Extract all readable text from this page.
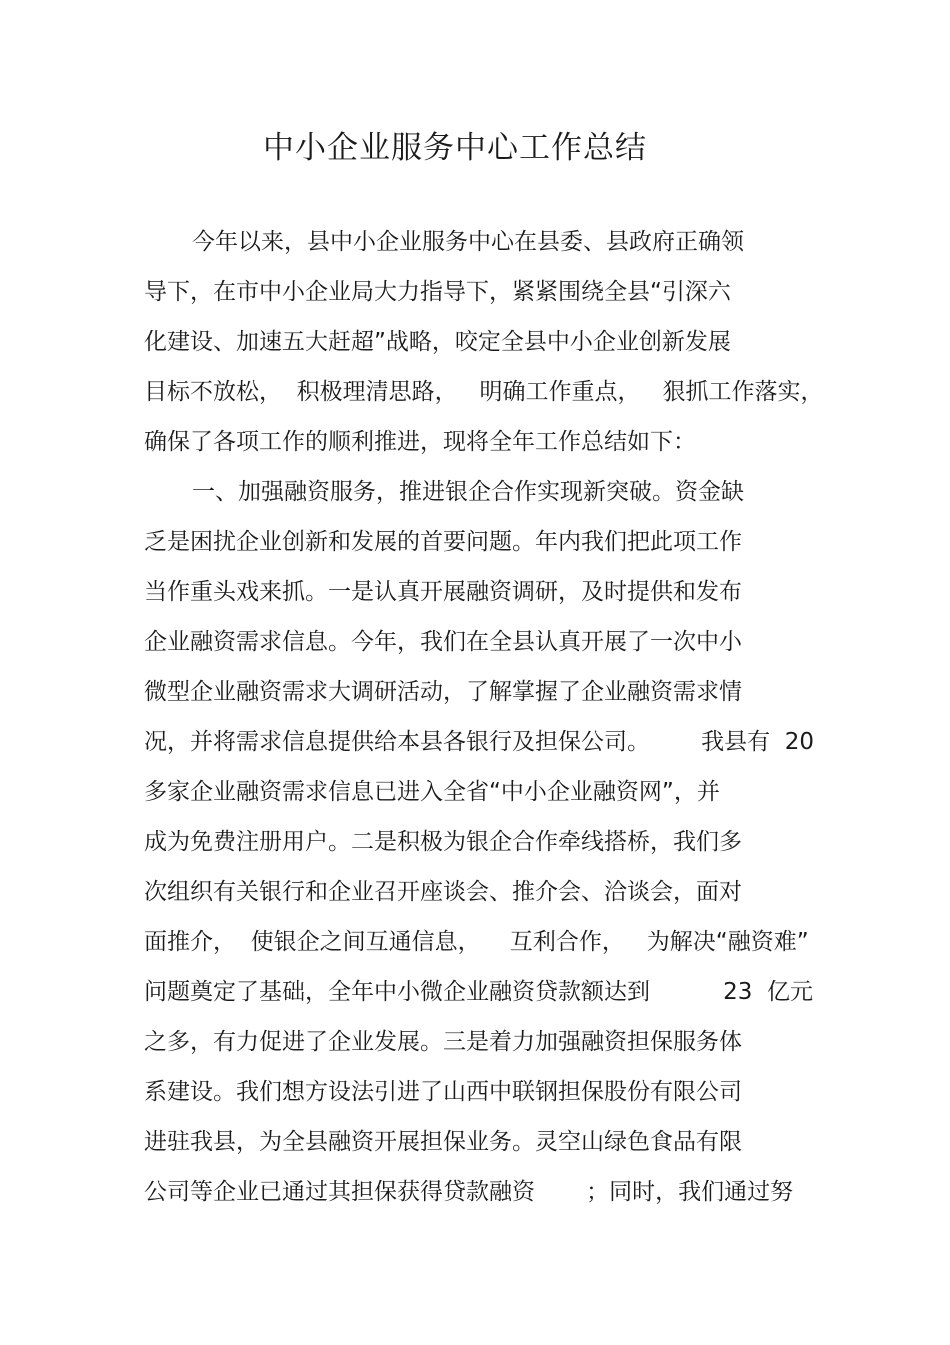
中小企业服务中心工作总结
今年以来，县中小企业服务中心在县委、县政府正确领
导下，在市中小企业局大力指导下，紧紧围绕全县“引深六
化建设、加速五大赶超”战略，咬定全县中小企业创新发展
目标不放松，  积极理清思路，   明确工作重点，   狠抓工作落实，
确保了各项工作的顺利推进，现将全年工作总结如下：
一、加强融资服务，推进银企合作实现新突破。资金缺
乏是困扰企业创新和发展的首要问题。年内我们把此项工作
当作重头戏来抓。一是认真开展融资调研，及时提供和发布
企业融资需求信息。今年，我们在全县认真开展了一次中小
微型企业融资需求大调研活动，了解掌握了企业融资需求情
况，并将需求信息提供给本县各银行及担保公司。       我县有  20
多家企业融资需求信息已进入全省“中小企业融资网”，并
成为免费注册用户。二是积极为银企合作牵线搭桥，我们多
次组织有关银行和企业召开座谈会、推介会、洽谈会，面对
面推介，  使银企之间互通信息，    互利合作，   为解决“融资难”
问题奠定了基础，全年中小微企业融资贷款额达到          23  亿元
之多，有力促进了企业发展。三是着力加强融资担保服务体
系建设。我们想方设法引进了山西中联钢担保股份有限公司
进驻我县，为全县融资开展担保业务。灵空山绿色食品有限
公司等企业已通过其担保获得贷款融资       ；同时，我们通过努
